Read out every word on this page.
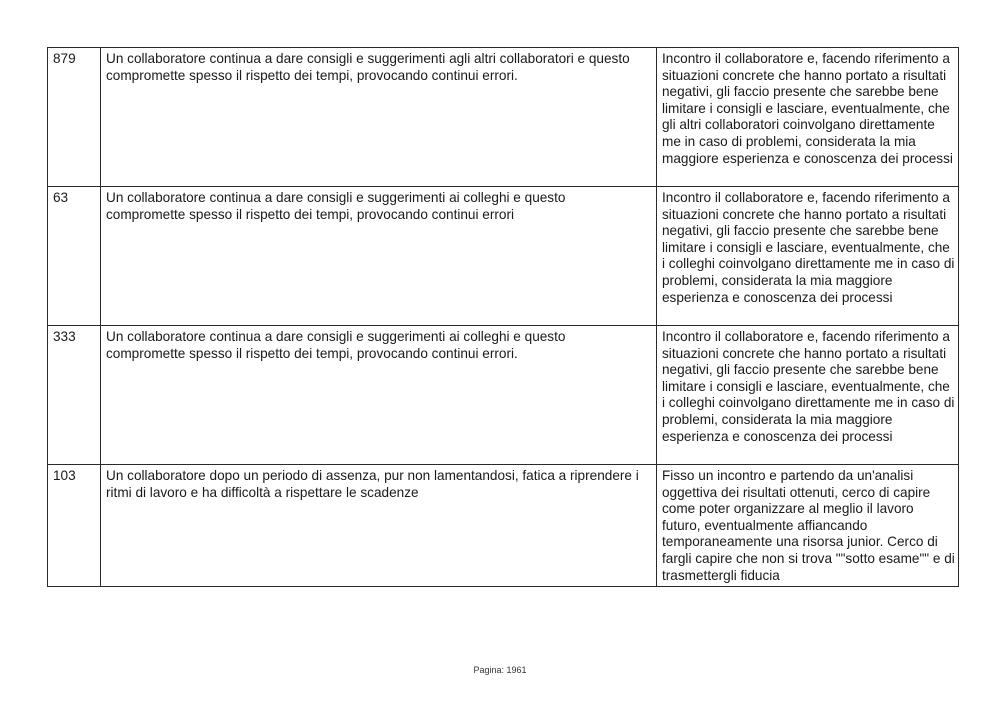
879	Un collaboratore continua a dare consigli e suggerimenti agli altri collaboratori e questo compromette spesso il rispetto dei tempi, provocando continui errori.	Incontro il collaboratore e, facendo riferimento a situazioni concrete che hanno portato a risultati negativi, gli faccio presente che sarebbe bene limitare i consigli e lasciare, eventualmente, che gli altri collaboratori coinvolgano direttamente me in caso di problemi, considerata la mia maggiore esperienza e conoscenza dei processi
63	Un collaboratore continua a dare consigli e suggerimenti ai colleghi e questo compromette spesso il rispetto dei tempi, provocando continui errori	Incontro il collaboratore e, facendo riferimento a situazioni concrete che hanno portato a risultati negativi, gli faccio presente che sarebbe bene limitare i consigli e lasciare, eventualmente, che i colleghi coinvolgano direttamente me in caso di problemi, considerata la mia maggiore esperienza e conoscenza dei processi
333	Un collaboratore continua a dare consigli e suggerimenti ai colleghi e questo compromette spesso il rispetto dei tempi, provocando continui errori.	Incontro il collaboratore e, facendo riferimento a situazioni concrete che hanno portato a risultati negativi, gli faccio presente che sarebbe bene limitare i consigli e lasciare, eventualmente, che i colleghi coinvolgano direttamente me in caso di problemi, considerata la mia maggiore esperienza e conoscenza dei processi
103	Un collaboratore dopo un periodo di assenza, pur non lamentandosi, fatica a riprendere i ritmi di lavoro e ha difficoltà a rispettare le scadenze	Fisso un incontro e partendo da un'analisi oggettiva dei risultati ottenuti, cerco di capire come poter organizzare al meglio il lavoro futuro, eventualmente affiancando temporaneamente una risorsa junior. Cerco di fargli capire che non si trova ""sotto esame"" e di trasmettergli fiducia
Pagina: 1961
